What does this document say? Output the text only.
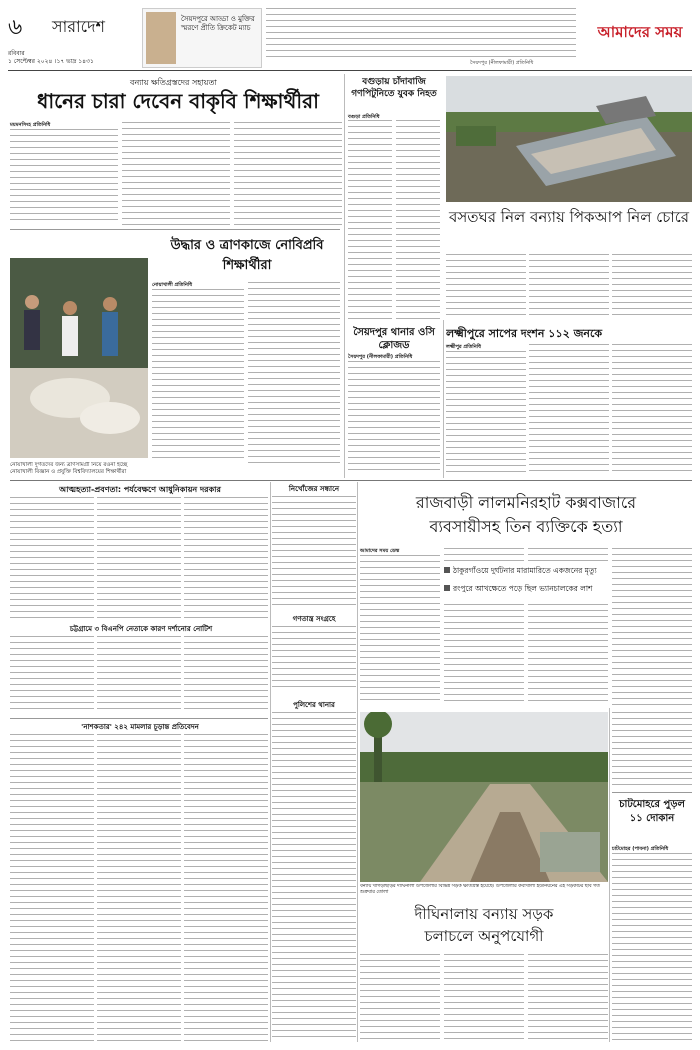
৬	সারাদেশ
রবিবার
১ সেপ্টেম্বর ২০২৪ ।১৭ ভাদ্র ১৪৩১
সৈয়দপুরে আড্ডা ও মুক্তির স্মরণে প্রীতি ক্রিকেট ম্যাচ
সৈয়দপুর (নীলফামারী) প্রতিনিধি
আমাদের সময়
বন্যায় ক্ষতিগ্রস্তদের সহায়তা
ধানের চারা দেবেন বাকৃবি শিক্ষার্থীরা
ময়মনসিংহ প্রতিনিধি
বগুড়ায় চাঁদাবাজি গণপিটুনিতে যুবক নিহত
বগুড়া প্রতিনিধি
বসতঘর নিল বন্যায় পিকআপ নিল চোরে
উদ্ধার ও ত্রাণকাজে নোবিপ্রবি শিক্ষার্থীরা
নোয়াখালী প্রতিনিধি
নোয়াখালী দুর্গতদের জন্য ত্রাণসামগ্রী নিয়ে রওনা হচ্ছে নোয়াখালী বিজ্ঞান ও প্রযুক্তি বিশ্ববিদ্যালয়ের শিক্ষার্থীরা
সৈয়দপুর থানার ওসি ক্লোজড
সৈয়দপুর (নীলফামারী) প্রতিনিধি
লক্ষ্মীপুরে সাপের দংশন ১১২ জনকে
লক্ষ্মীপুর প্রতিনিধি
আত্মহত্যা-প্রবণতা: পর্যবেক্ষণে আধুনিকায়ন দরকার	নিখোঁজের সন্ধানে
রাজবাড়ী লালমনিরহাট কক্সবাজারে
ব্যবসায়ীসহ তিন ব্যক্তিকে হত্যা
আমাদের সময় ডেস্ক
ঠাকুরগাঁওয়ে দুর্ঘটনার মারামারিতে একজনের মৃত্যু
রংপুরে আখক্ষেতে পড়ে ছিল ভ্যানচালকের লাশ
চট্টগ্রামে ৩ বিএনপি নেতাকে কারণ দর্শানোর নোটিশ
গণতান্ত্র সংগ্রহে
পুলিশের থানার
'নাশকতার' ২৪২ মামলার চূড়ান্ত প্রতিবেদন
বন্যায় খাগড়াছড়ির দীঘিনালা উপজেলার বিভিন্ন সড়ক ক্ষতিগ্রস্ত হয়েছে। উপজেলার কবাখালী ইউনিয়নের এই সড়কটির ছবি গত শুক্রবার তোলা
দীঘিনালায় বন্যায় সড়ক
চলাচলে অনুপযোগী
চাটমোহরে পুড়ল ১১ দোকান
চাটমোহর (পাবনা) প্রতিনিধি
